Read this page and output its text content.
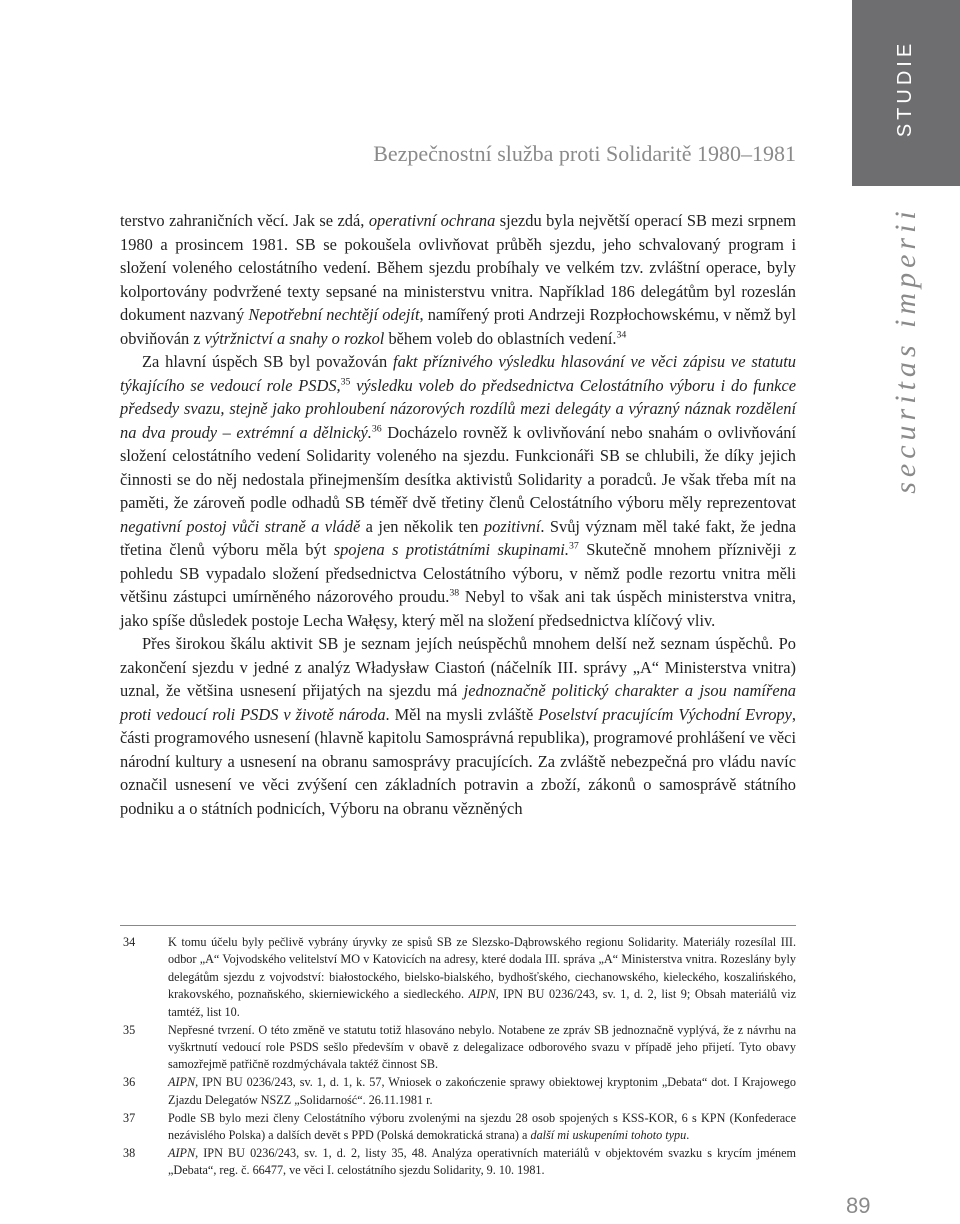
STUDIE
securitas imperii
Bezpečnostní služba proti Solidaritě 1980–1981

terstvo zahraničních věcí. Jak se zdá, operativní ochrana sjezdu byla největší operací SB mezi srpnem 1980 a prosincem 1981. SB se pokoušela ovlivňovat průběh sjezdu, jeho schvalovaný program i složení voleného celostátního vedení. Během sjezdu probíhaly ve velkém tzv. zvláštní operace, byly kolportovány podvržené texty sepsané na ministerstvu vnitra. Například 186 delegátům byl rozeslán dokument nazvaný Nepotřební nechtějí odejít, namířený proti Andrzeji Rozpłochowskému, v němž byl obviňován z výtržnictví a snahy o rozkol během voleb do oblastních vedení.$^{34}$

Za hlavní úspěch SB byl považován fakt příznivého výsledku hlasování ve věci zápisu ve statutu týkajícího se vedoucí role PSDS,$^{35}$ výsledku voleb do předsednictva Celostátního výboru i do funkce předsedy svazu, stejně jako prohloubení názorových rozdílů mezi delegáty a výrazný náznak rozdělení na dva proudy – extrémní a dělnický.$^{36}$ Docházelo rovněž k ovlivňování nebo snahám o ovlivňování složení celostátního vedení Solidarity voleného na sjezdu. Funkcionáři SB se chlubili, že díky jejich činnosti se do něj nedostala přinejmenším desítka aktivistů Solidarity a poradců. Je však třeba mít na paměti, že zároveň podle odhadů SB téměř dvě třetiny členů Celostátního výboru měly reprezentovat negativní postoj vůči straně a vládě a jen několik ten pozitivní. Svůj význam měl také fakt, že jedna třetina členů výboru měla být spojena s protistátními skupinami.$^{37}$ Skutečně mnohem příznivěji z pohledu SB vypadalo složení předsednictva Celostátního výboru, v němž podle rezortu vnitra měli většinu zástupci umírněného názorového proudu.$^{38}$ Nebyl to však ani tak úspěch ministerstva vnitra, jako spíše důsledek postoje Lecha Wałęsy, který měl na složení předsednictva klíčový vliv.

Přes širokou škálu aktivit SB je seznam jejích neúspěchů mnohem delší než seznam úspěchů. Po zakončení sjezdu v jedné z analýz Władysław Ciastoń (náčelník III. správy „A“ Ministerstva vnitra) uznal, že většina usnesení přijatých na sjezdu má jednoznačně politický charakter a jsou namířena proti vedoucí roli PSDS v životě národa. Měl na mysli zvláště Poselství pracujícím Východní Evropy, části programového usnesení (hlavně kapitolu Samosprávná republika), programové prohlášení ve věci národní kultury a usnesení na obranu samosprávy pracujících. Za zvláště nebezpečná pro vládu navíc označil usnesení ve věci zvýšení cen základních potravin a zboží, zákonů o samosprávě státního podniku a o státních podnicích, Výboru na obranu vězněných

34	K tomu účelu byly pečlivě vybrány úryvky ze spisů SB ze Slezsko-Dąbrowského regionu Solidarity. Materiály rozesílal III. odbor „A“ Vojvodského velitelství MO v Katovicích na adresy, které dodala III. správa „A“ Ministerstva vnitra. Rozeslány byly delegátům sjezdu z vojvodství: białostockého, bielsko-bialského, bydhošťského, ciechanowského, kieleckého, koszalińského, krakovského, poznaňského, skierniewického a siedleckého. AIPN, IPN BU 0236/243, sv. 1, d. 2, list 9; Obsah materiálů viz tamtéž, list 10.
35	Nepřesné tvrzení. O této změně ve statutu totiž hlasováno nebylo. Notabene ze zpráv SB jednoznačně vyplývá, že z návrhu na vyškrtnutí vedoucí role PSDS sešlo především v obavě z delegalizace odborového svazu v případě jeho přijetí. Tyto obavy samozřejmě patřičně rozdmýchávala taktéž činnost SB.
36	AIPN, IPN BU 0236/243, sv. 1, d. 1, k. 57, Wniosek o zakończenie sprawy obiektowej kryptonim „Debata“ dot. I Krajowego Zjazdu Delegatów NSZZ „Solidarność“. 26.11.1981 r.
37	Podle SB bylo mezi členy Celostátního výboru zvolenými na sjezdu 28 osob spojených s KSS-KOR, 6 s KPN (Konfederace nezávislého Polska) a dalších devět s PPD (Polská demokratická strana) a další mi uskupeními tohoto typu.
38	AIPN, IPN BU 0236/243, sv. 1, d. 2, listy 35, 48. Analýza operativních materiálů v objektovém svazku s krycím jménem „Debata“, reg. č. 66477, ve věci I. celostátního sjezdu Solidarity, 9. 10. 1981.
89
